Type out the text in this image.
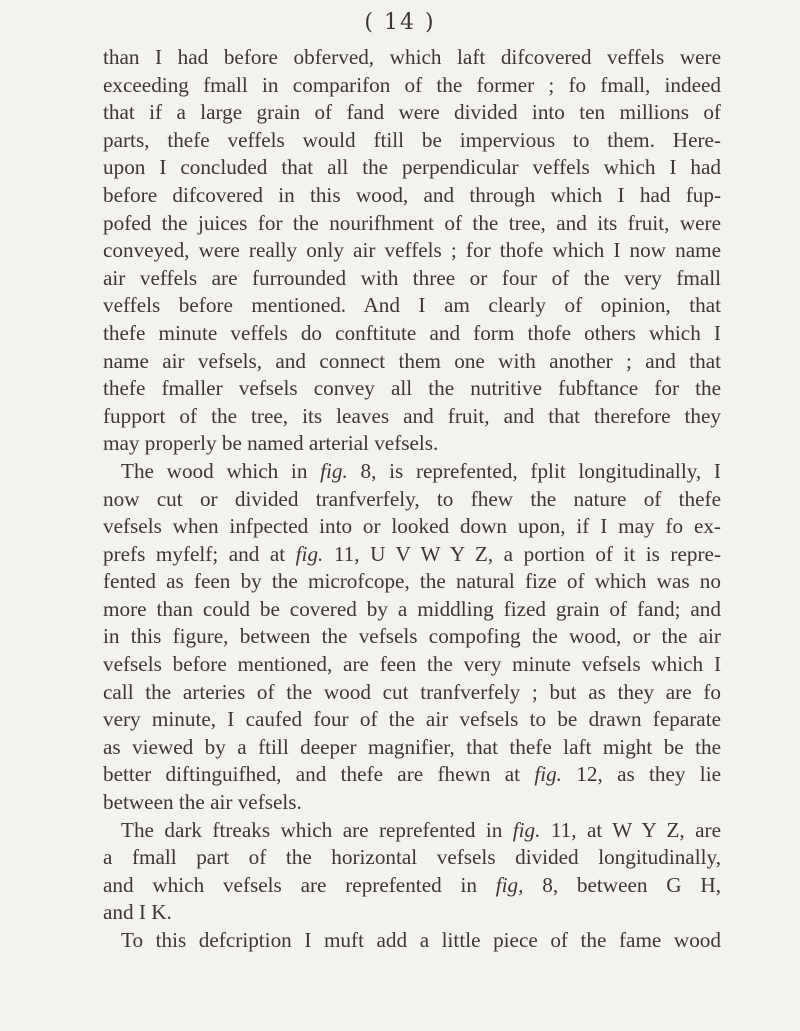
( 14 )
than I had before obferved, which laft difcovered veffels were
exceeding fmall in comparifon of the former ; fo fmall, indeed
that if a large grain of fand were divided into ten millions of
parts, thefe veffels would ftill be impervious to them. Here-
upon I concluded that all the perpendicular veffels which I had
before difcovered in this wood, and through which I had fup-
pofed the juices for the nourifhment of the tree, and its fruit, were
conveyed, were really only air veffels ; for thofe which I now name
air veffels are furrounded with three or four of the very fmall
veffels before mentioned. And I am clearly of opinion, that
thefe minute veffels do conftitute and form thofe others which I
name air vefsels, and connect them one with another ; and that
thefe fmaller vefsels convey all the nutritive fubftance for the
fupport of the tree, its leaves and fruit, and that therefore they
may properly be named arterial vefsels.
The wood which in fig. 8, is reprefented, fplit longitudinally, I
now cut or divided tranfverfely, to fhew the nature of thefe
vefsels when infpected into or looked down upon, if I may fo ex-
prefs myfelf; and at fig. 11, U V W Y Z, a portion of it is repre-
fented as feen by the microfcope, the natural fize of which was no
more than could be covered by a middling fized grain of fand; and
in this figure, between the vefsels compofing the wood, or the air
vefsels before mentioned, are feen the very minute vefsels which I
call the arteries of the wood cut tranfverfely ; but as they are fo
very minute, I caufed four of the air vefsels to be drawn feparate
as viewed by a ftill deeper magnifier, that thefe laft might be the
better diftinguifhed, and thefe are fhewn at fig. 12, as they lie
between the air vefsels.
The dark ftreaks which are reprefented in fig. 11, at W Y Z, are
a fmall part of the horizontal vefsels divided longitudinally,
and which vefsels are reprefented in fig, 8, between G H,
and I K.
To this defcription I muft add a little piece of the fame wood
